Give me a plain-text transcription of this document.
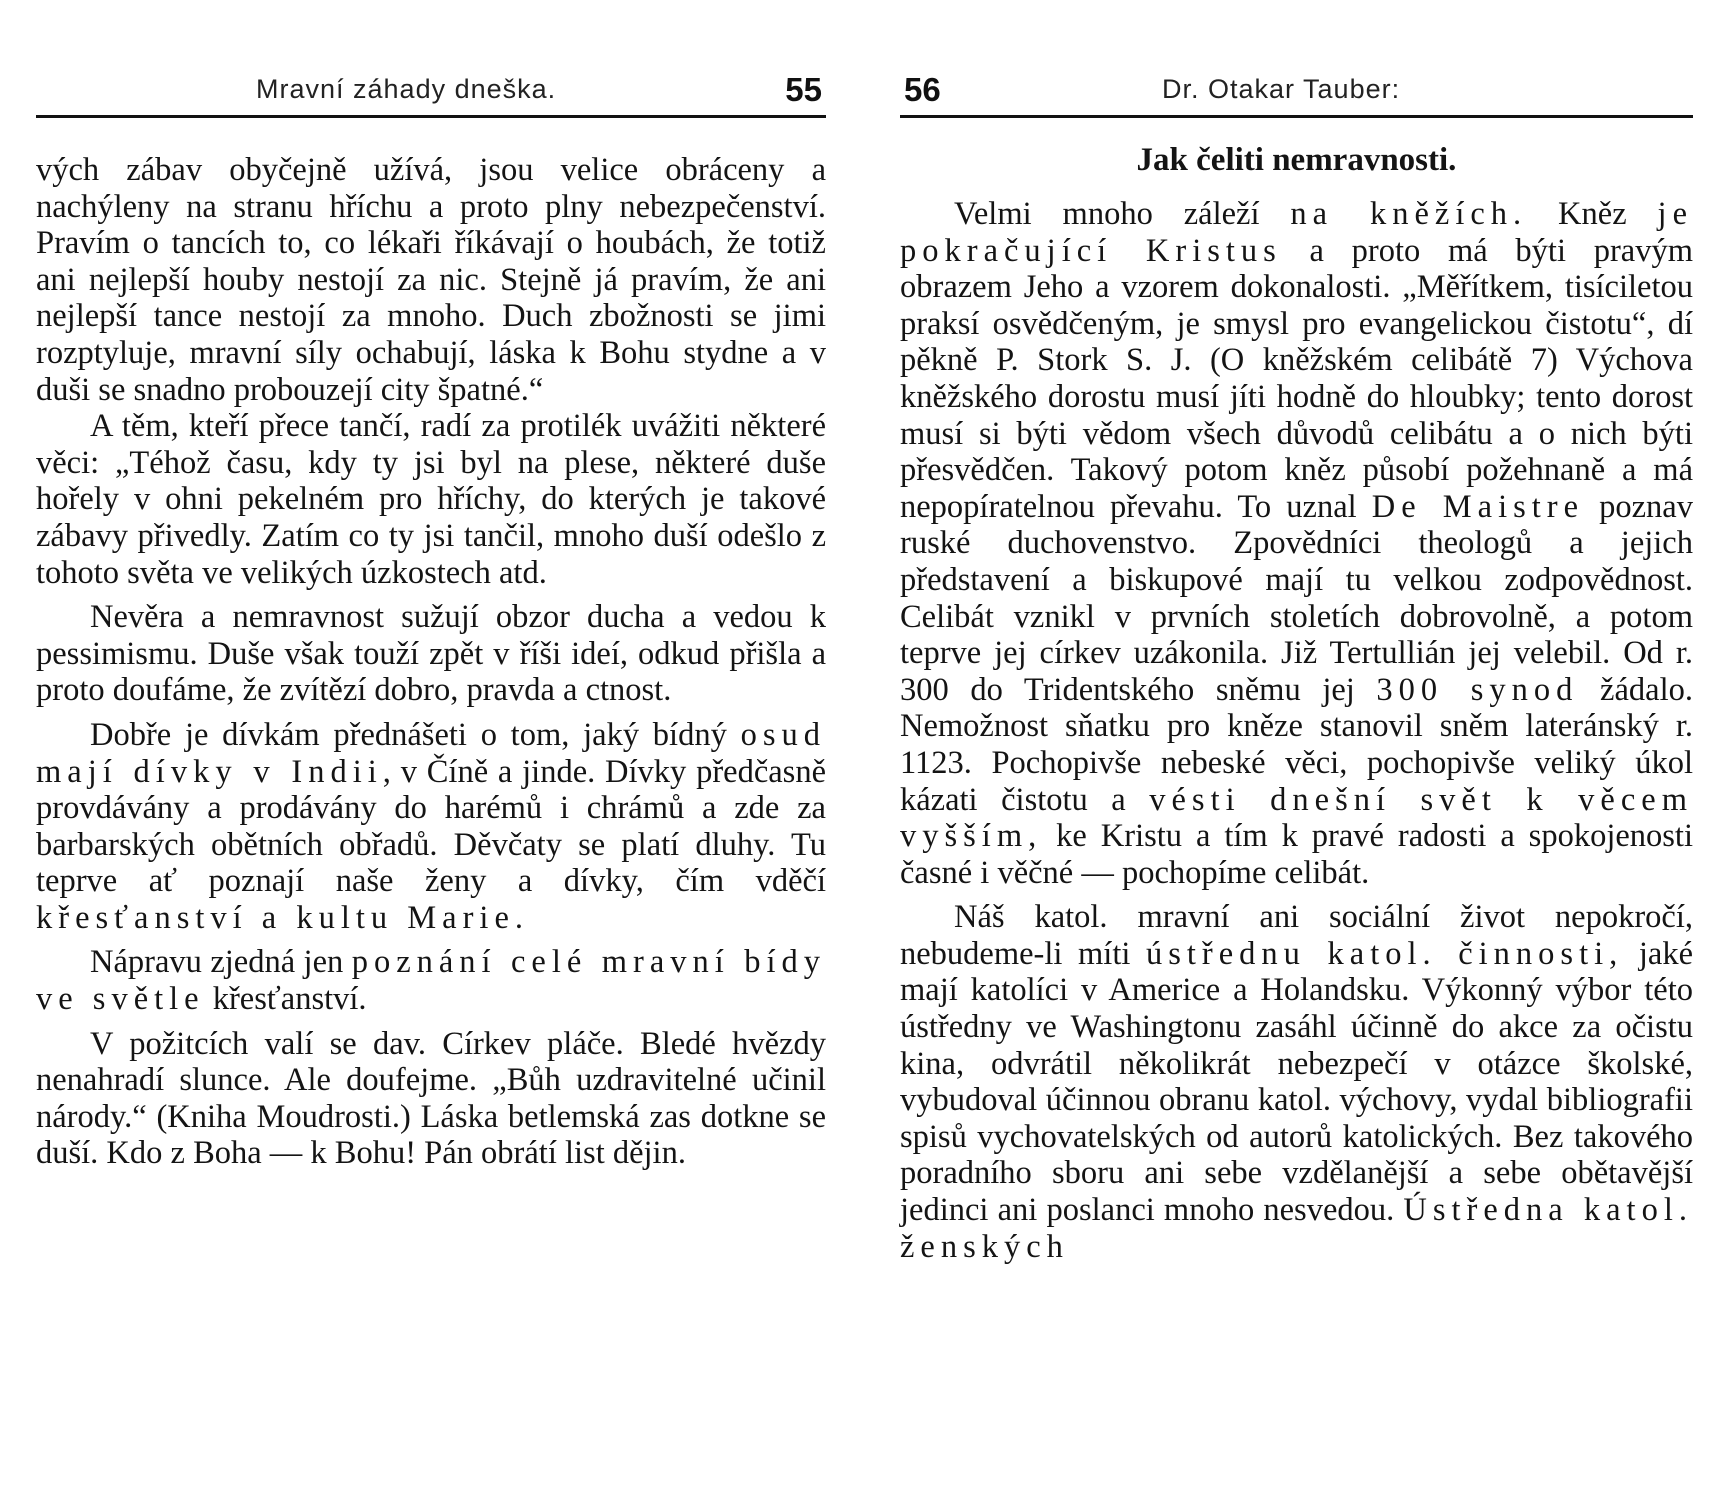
Mravní záhady dneška.	55

vých zábav obyčejně užívá, jsou velice obráceny a nachýleny na stranu hříchu a proto plny nebezpečenství. Pravím o tancích to, co lékaři říkávají o houbách, že totiž ani nejlepší houby nestojí za nic. Stejně já pravím, že ani nejlepší tance nestojí za mnoho. Duch zbožnosti se jimi rozptyluje, mravní síly ochabují, láska k Bohu stydne a v duši se snadno probouzejí city špatné.“

A těm, kteří přece tančí, radí za protilék uvážiti některé věci: „Téhož času, kdy ty jsi byl na plese, některé duše hořely v ohni pekelném pro hříchy, do kterých je takové zábavy přivedly. Zatím co ty jsi tančil, mnoho duší odešlo z tohoto světa ve velikých úzkostech atd.

Nevěra a nemravnost sužují obzor ducha a vedou k pessimismu. Duše však touží zpět v říši ideí, odkud přišla a proto doufáme, že zvítězí dobro, pravda a ctnost.

Dobře je dívkám přednášeti o tom, jaký bídný osud mají dívky v Indii, v Číně a jinde. Dívky předčasně provdávány a prodávány do harémů i chrámů a zde za barbarských obětních obřadů. Děvčaty se platí dluhy. Tu teprve ať poznají naše ženy a dívky, čím vděčí křesťanství a kultu Marie.

Nápravu zjedná jen poznání celé mravní bídy ve světle křesťanství.

V požitcích valí se dav. Církev pláče. Bledé hvězdy nenahradí slunce. Ale doufejme. „Bůh uzdravitelné učinil národy.“ (Kniha Moudrosti.) Láska betlemská zas dotkne se duší. Kdo z Boha — k Bohu! Pán obrátí list dějin.

56	Dr. Otakar Tauber:
Jak čeliti nemravnosti.

Velmi mnoho záleží na kněžích. Kněz je pokračující Kristus a proto má býti pravým obrazem Jeho a vzorem dokonalosti. „Měřítkem, tisíciletou praksí osvědčeným, je smysl pro evangelickou čistotu“, dí pěkně P. Stork S. J. (O kněžském celibátě 7) Výchova kněžského dorostu musí jíti hodně do hloubky; tento dorost musí si býti vědom všech důvodů celibátu a o nich býti přesvědčen. Takový potom kněz působí požehnaně a má nepopíratelnou převahu. To uznal De Maistre poznav ruské duchovenstvo. Zpovědníci theologů a jejich představení a biskupové mají tu velkou zodpovědnost. Celibát vznikl v prvních stoletích dobrovolně, a potom teprve jej církev uzákonila. Již Tertullián jej velebil. Od r. 300 do Tridentského sněmu jej 300 synod žádalo. Nemožnost sňatku pro kněze stanovil sněm lateránský r. 1123. Pochopivše nebeské věci, pochopivše veliký úkol kázati čistotu a vésti dnešní svět k věcem vyšším, ke Kristu a tím k pravé radosti a spokojenosti časné i věčné — pochopíme celibát.

Náš katol. mravní ani sociální život nepokročí, nebudeme-li míti ústřednu katol. činnosti, jaké mají katolíci v Americe a Holandsku. Výkonný výbor této ústředny ve Washingtonu zasáhl účinně do akce za očistu kina, odvrátil několikrát nebezpečí v otázce školské, vybudoval účinnou obranu katol. výchovy, vydal bibliografii spisů vychovatelských od autorů katolických. Bez takového poradního sboru ani sebe vzdělanější a sebe obětavější jedinci ani poslanci mnoho nesvedou. Ústředna katol. ženských
